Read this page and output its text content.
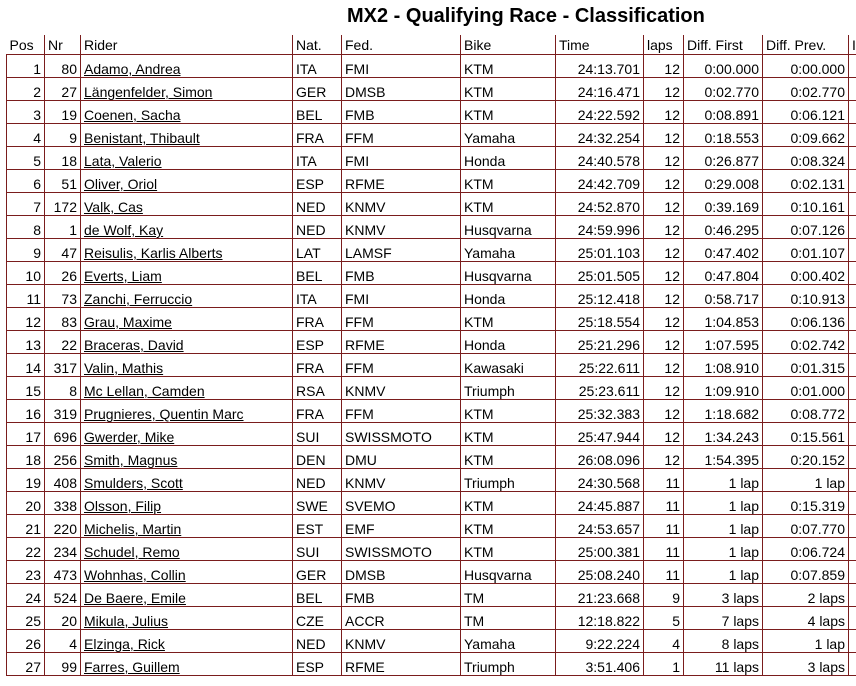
MX2 - Qualifying Race - Classification
Pos	Nr	Rider	Nat.	Fed.	Bike	Time	laps	Diff. First	Diff. Prev.	I
1	80	Adamo, Andrea	ITA	FMI	KTM	24:13.701	12	0:00.000	0:00.000	
2	27	Längenfelder, Simon	GER	DMSB	KTM	24:16.471	12	0:02.770	0:02.770	
3	19	Coenen, Sacha	BEL	FMB	KTM	24:22.592	12	0:08.891	0:06.121	
4	9	Benistant, Thibault	FRA	FFM	Yamaha	24:32.254	12	0:18.553	0:09.662	
5	18	Lata, Valerio	ITA	FMI	Honda	24:40.578	12	0:26.877	0:08.324	
6	51	Oliver, Oriol	ESP	RFME	KTM	24:42.709	12	0:29.008	0:02.131	
7	172	Valk, Cas	NED	KNMV	KTM	24:52.870	12	0:39.169	0:10.161	
8	1	de Wolf, Kay	NED	KNMV	Husqvarna	24:59.996	12	0:46.295	0:07.126	
9	47	Reisulis, Karlis Alberts	LAT	LAMSF	Yamaha	25:01.103	12	0:47.402	0:01.107	
10	26	Everts, Liam	BEL	FMB	Husqvarna	25:01.505	12	0:47.804	0:00.402	
11	73	Zanchi, Ferruccio	ITA	FMI	Honda	25:12.418	12	0:58.717	0:10.913	
12	83	Grau, Maxime	FRA	FFM	KTM	25:18.554	12	1:04.853	0:06.136	
13	22	Braceras, David	ESP	RFME	Honda	25:21.296	12	1:07.595	0:02.742	
14	317	Valin, Mathis	FRA	FFM	Kawasaki	25:22.611	12	1:08.910	0:01.315	
15	8	Mc Lellan, Camden	RSA	KNMV	Triumph	25:23.611	12	1:09.910	0:01.000	
16	319	Prugnieres, Quentin Marc	FRA	FFM	KTM	25:32.383	12	1:18.682	0:08.772	
17	696	Gwerder, Mike	SUI	SWISSMOTO	KTM	25:47.944	12	1:34.243	0:15.561	
18	256	Smith, Magnus	DEN	DMU	KTM	26:08.096	12	1:54.395	0:20.152	
19	408	Smulders, Scott	NED	KNMV	Triumph	24:30.568	11	1 lap	1 lap	
20	338	Olsson, Filip	SWE	SVEMO	KTM	24:45.887	11	1 lap	0:15.319	
21	220	Michelis, Martin	EST	EMF	KTM	24:53.657	11	1 lap	0:07.770	
22	234	Schudel, Remo	SUI	SWISSMOTO	KTM	25:00.381	11	1 lap	0:06.724	
23	473	Wohnhas, Collin	GER	DMSB	Husqvarna	25:08.240	11	1 lap	0:07.859	
24	524	De Baere, Emile	BEL	FMB	TM	21:23.668	9	3 laps	2 laps	
25	20	Mikula, Julius	CZE	ACCR	TM	12:18.822	5	7 laps	4 laps	
26	4	Elzinga, Rick	NED	KNMV	Yamaha	9:22.224	4	8 laps	1 lap	
27	99	Farres, Guillem	ESP	RFME	Triumph	3:51.406	1	11 laps	3 laps	
